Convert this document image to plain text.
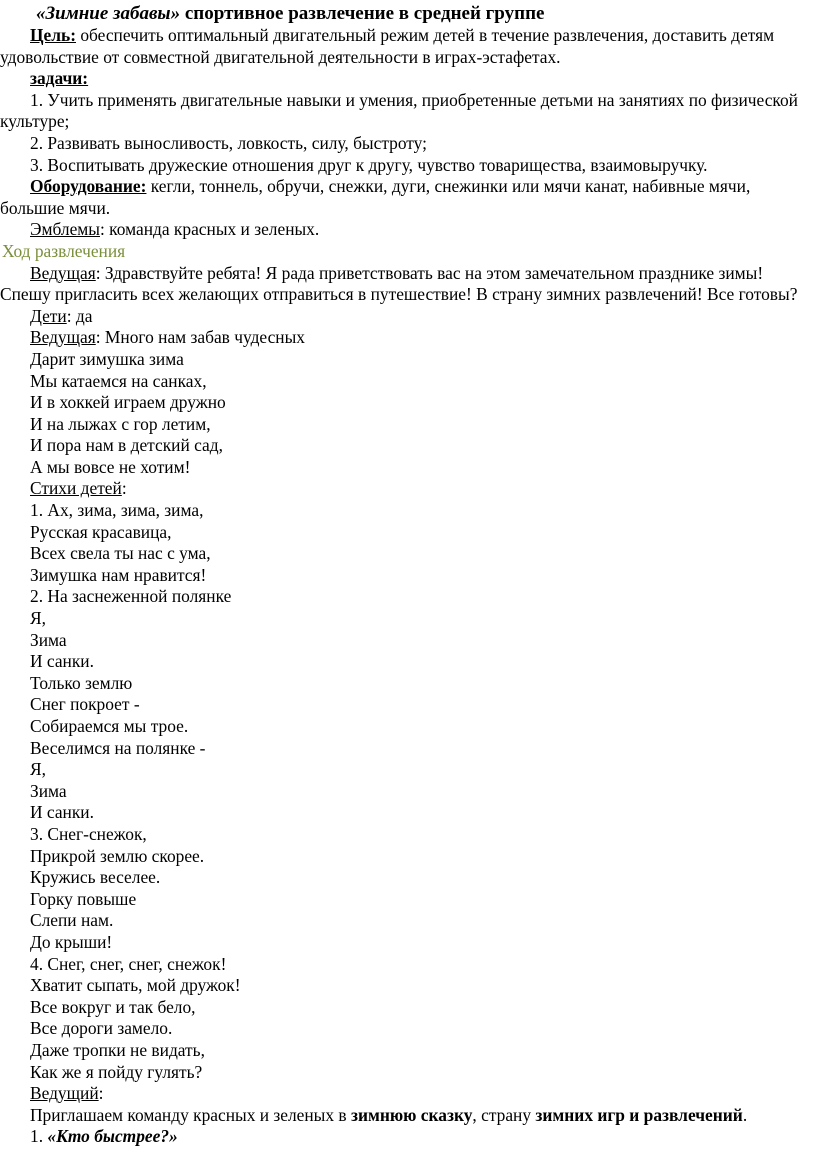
«Зимние забавы» спортивное развлечение в средней группе

Цель: обеспечить оптимальный двигательный режим детей в течение развлечения, доставить детям удовольствие от совместной двигательной деятельности в играх-эстафетах.

задачи:

1. Учить применять двигательные навыки и умения, приобретенные детьми на занятиях по физической культуре;

2. Развивать выносливость, ловкость, силу, быстроту;

3. Воспитывать дружеские отношения друг к другу, чувство товарищества, взаимовыручку.

Оборудование: кегли, тоннель, обручи, снежки, дуги, снежинки или мячи канат, набивные мячи, большие мячи.

Эмблемы: команда красных и зеленых.

Ход развлечения

Ведущая: Здравствуйте ребята! Я рада приветствовать вас на этом замечательном празднике зимы! Спешу пригласить всех желающих отправиться в путешествие! В страну зимних развлечений! Все готовы?

Дети: да

Ведущая: Много нам забав чудесных

Дарит зимушка зима

Мы катаемся на санках,

И в хоккей играем дружно

И на лыжах с гор летим,

И пора нам в детский сад,

А мы вовсе не хотим!

Стихи детей:

1. Ах, зима, зима, зима,

Русская красавица,

Всех свела ты нас с ума,

Зимушка нам нравится!

2. На заснеженной полянке

Я,

Зима

И санки.

Только землю

Снег покроет -

Собираемся мы трое.

Веселимся на полянке -

Я,

Зима

И санки.

3. Снег-снежок,

Прикрой землю скорее.

Кружись веселее.

Горку повыше

Слепи нам.

До крыши!

4. Снег, снег, снег, снежок!

Хватит сыпать, мой дружок!

Все вокруг и так бело,

Все дороги замело.

Даже тропки не видать,

Как же я пойду гулять?

Ведущий:

Приглашаем команду красных и зеленых в зимнюю сказку, страну зимних игр и развлечений.

1. «Кто быстрее?»
